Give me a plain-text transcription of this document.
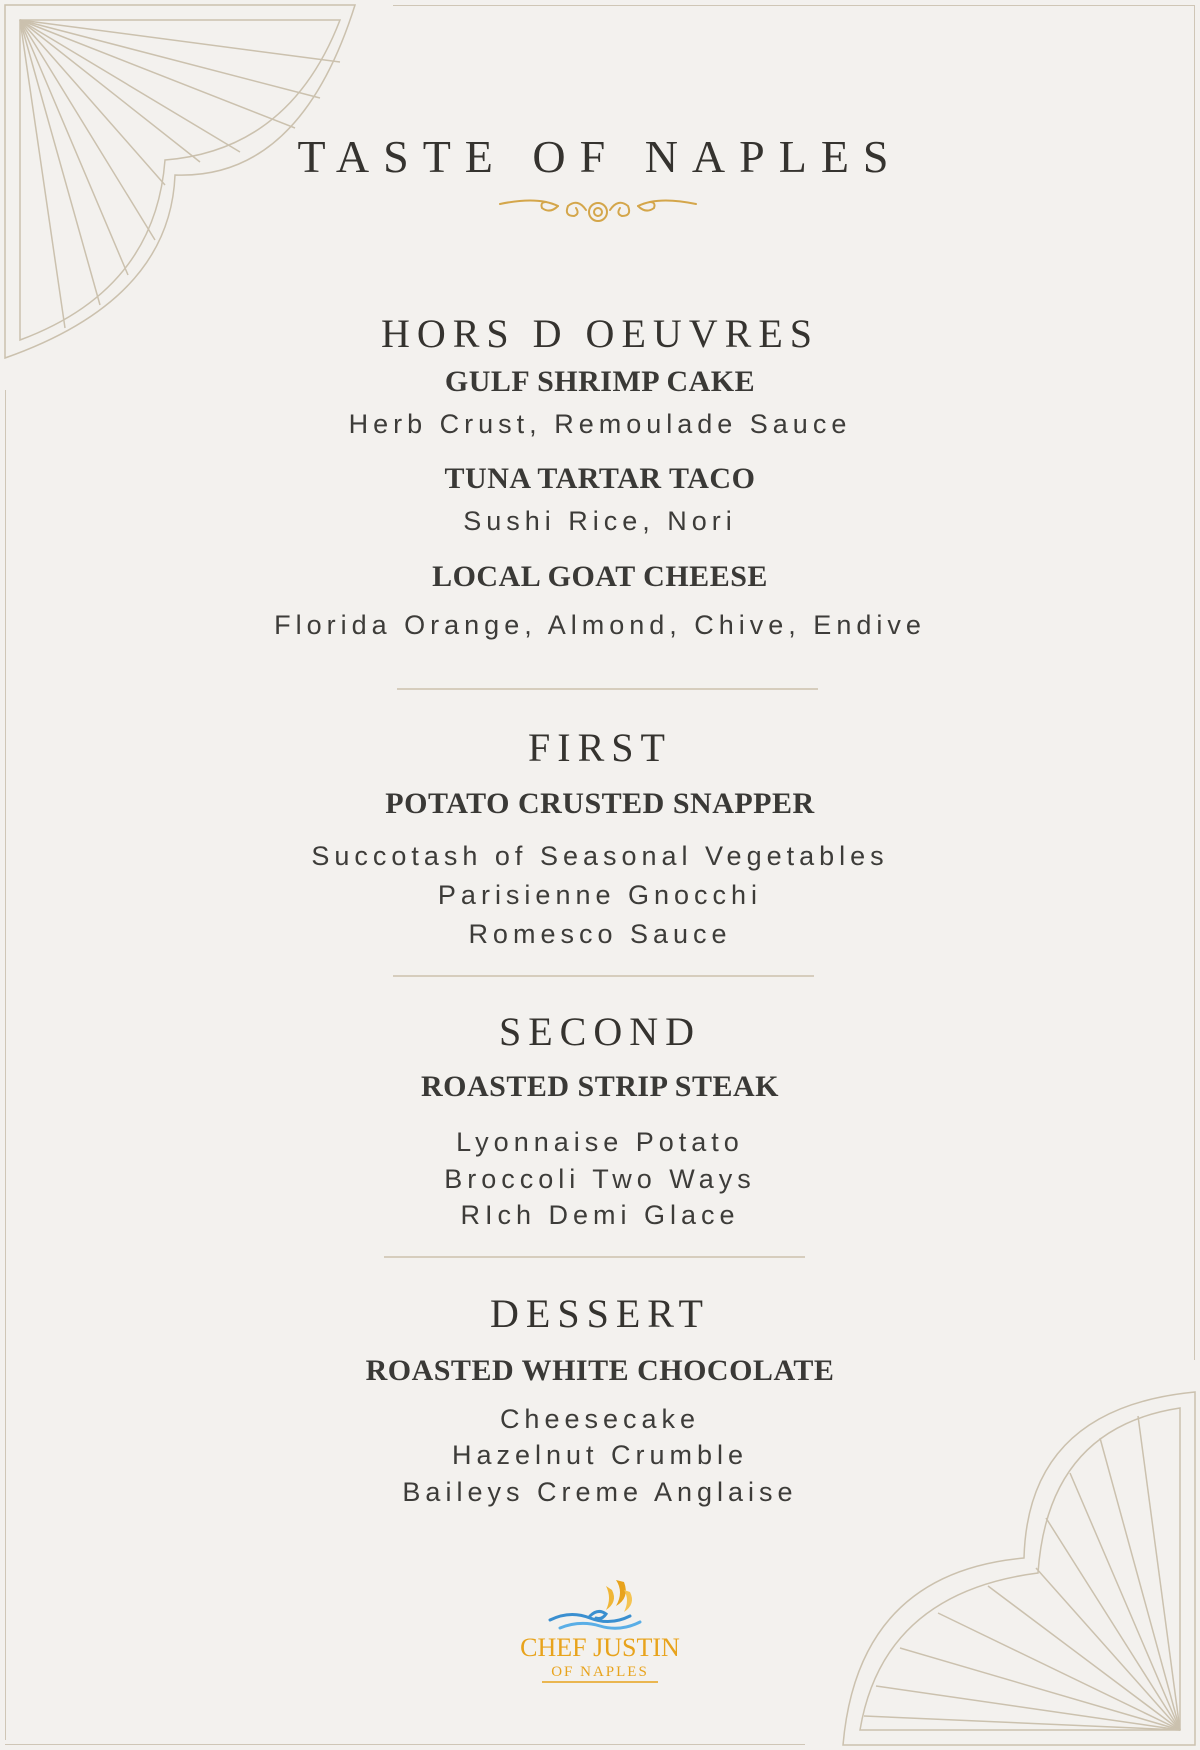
TASTE OF NAPLES
HORS D OEUVRES
GULF SHRIMP CAKE
Herb Crust, Remoulade Sauce
TUNA TARTAR TACO
Sushi Rice, Nori
LOCAL GOAT CHEESE
Florida Orange, Almond, Chive, Endive
FIRST
POTATO CRUSTED SNAPPER
Succotash of Seasonal Vegetables
Parisienne Gnocchi
Romesco Sauce
SECOND
ROASTED STRIP STEAK
Lyonnaise Potato
Broccoli Two Ways
RIch Demi Glace
DESSERT
ROASTED WHITE CHOCOLATE
Cheesecake
Hazelnut Crumble
Baileys Creme Anglaise
CHEF JUSTIN
OF NAPLES
